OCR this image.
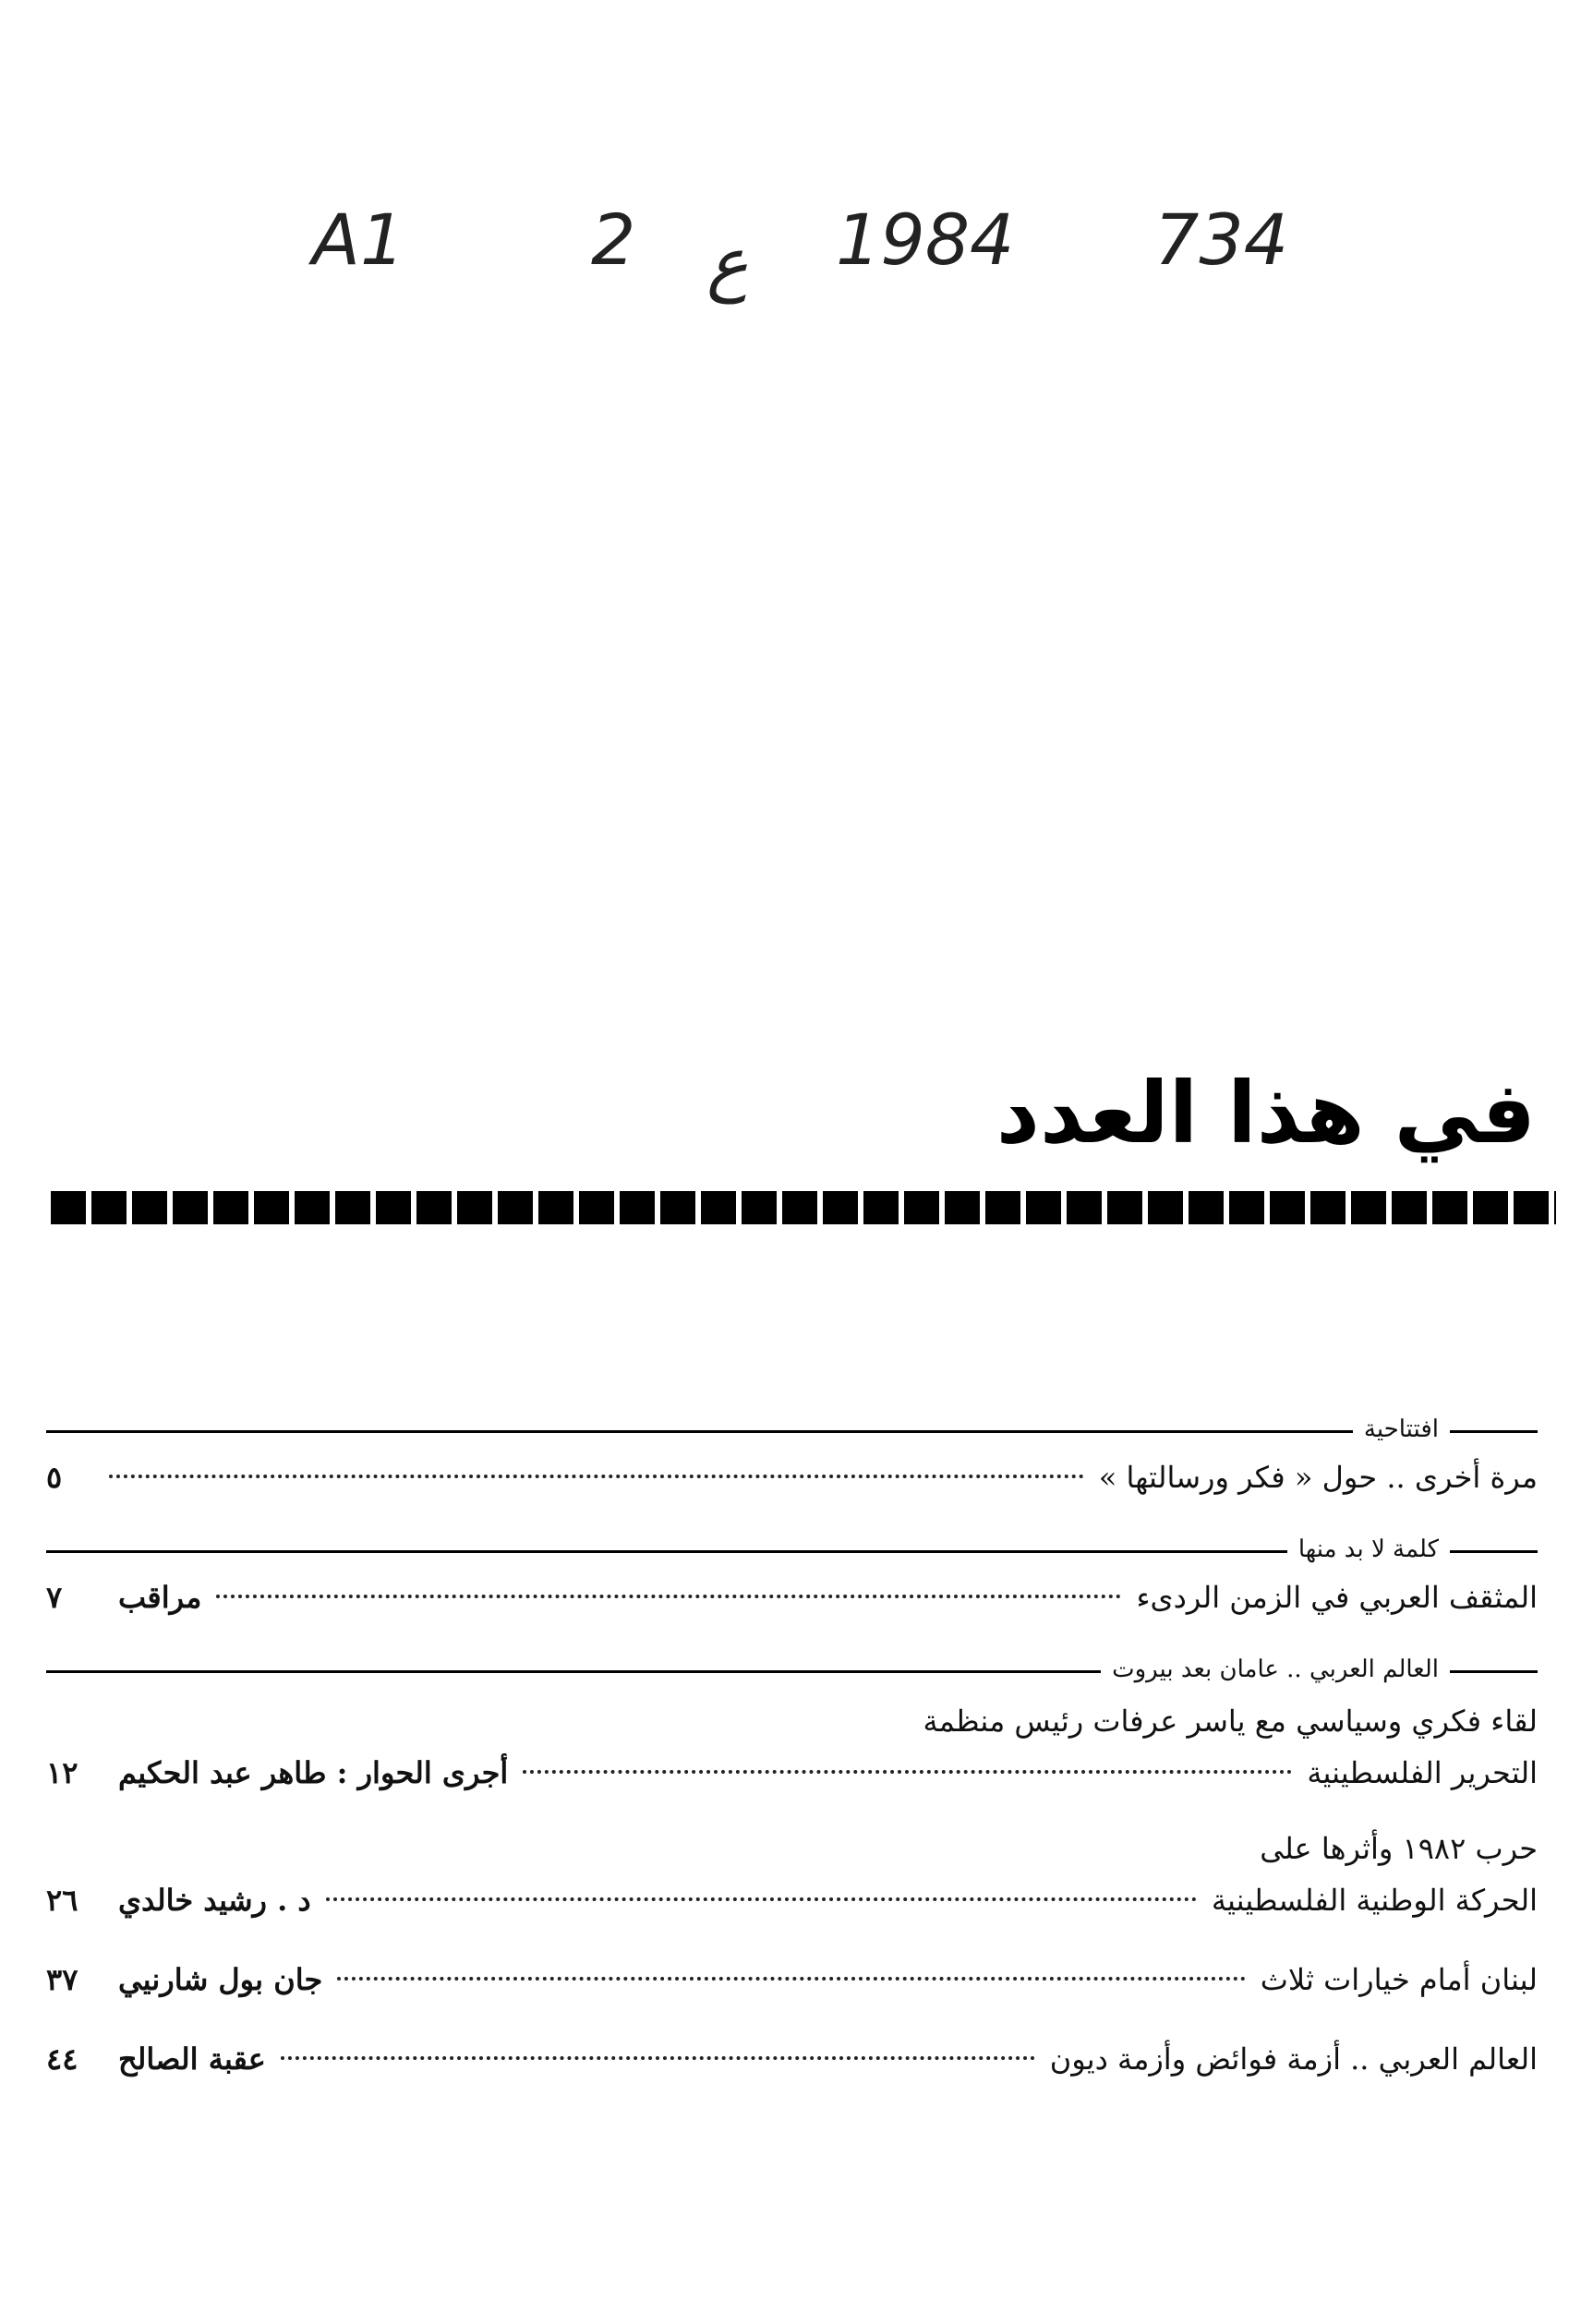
A1	2 ع 1984 734
في هذا العدد
افتتاحية
مرة أخرى .. حول « فكر ورسالتها »
٥
كلمة لا بد منها
المثقف العربي في الزمن الردىء
مراقب
٧
العالم العربي .. عامان بعد بيروت
لقاء فكري وسياسي مع ياسر عرفات رئيس منظمة
التحرير الفلسطينية
أجرى الحوار : طاهر عبد الحكيم
١٢
حرب ١٩٨٢ وأثرها على
الحركة الوطنية الفلسطينية
د . رشيد خالدي
٢٦
لبنان أمام خيارات ثلاث
جان بول شارنيي
٣٧
العالم العربي .. أزمة فوائض وأزمة ديون
عقبة الصالح
٤٤
